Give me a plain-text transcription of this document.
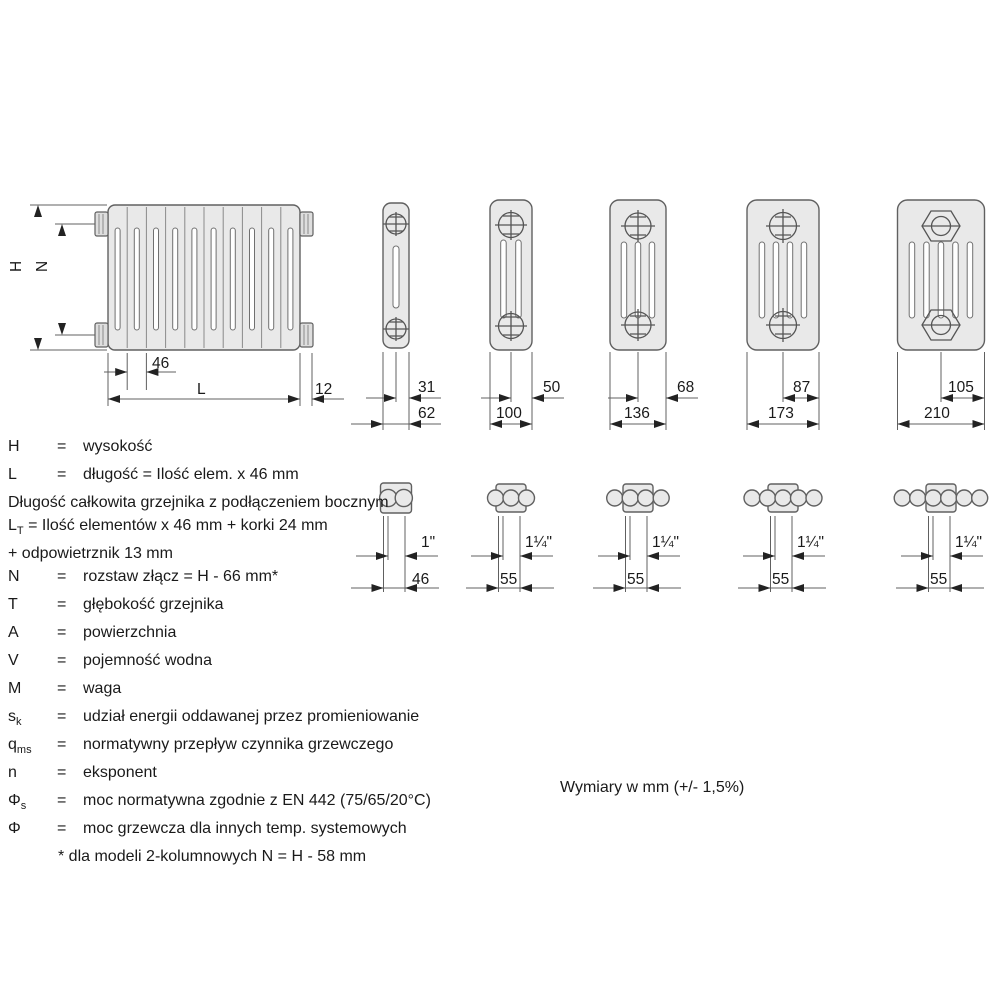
H N
46
L	12	31
62
50
100
68
136
87
173
105
210
1"
46
1¼"
55
1¼"
55
1¼"
55
1¼"
55
H	=	wysokość
L	=	długość = Ilość elem. x 46 mm
Długość całkowita grzejnika z podłączeniem bocznym
$L_T$ = Ilość elementów x 46 mm + korki 24 mm
+ odpowietrznik 13 mm
N	=	rozstaw złącz = H - 66 mm*
T	=	głębokość grzejnika
A	=	powierzchnia
V	=	pojemność wodna
M	=	waga
$s_k$	=	udział energii oddawanej przez promieniowanie
$q_{ms}$	=	normatywny przepływ czynnika grzewczego
n	=	eksponent
$\Phi_s$	=	moc normatywna zgodnie z EN 442 (75/65/20°C)
Φ	=	moc grzewcza dla innych temp. systemowych
* dla modeli 2-kolumnowych N = H - 58 mm
Wymiary w mm (+/- 1,5%)
